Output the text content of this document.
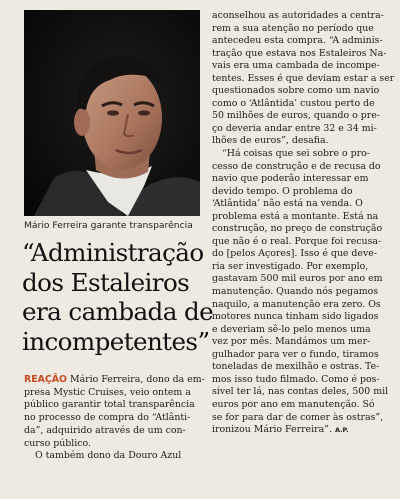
Mário Ferreira garante transparência
“Administração
dos Estaleiros
era cambada de
incompetentes”
REAÇÃO Mário Ferreira, dono da em-
presa Mystic Cruises, veio ontem a
público garantir total transparência
no processo de compra do “Atlânti-
da”, adquirido através de um con-
curso público.
O também dono da Douro Azul
aconselhou as autoridades a centra-
rem a sua atenção no período que
antecedeu esta compra. “A adminis-
tração que estava nos Estaleiros Na-
vais era uma cambada de incompe-
tentes. Esses é que deviam estar a ser
questionados sobre como um navio
como o ‘Atlântida’ custou perto de
50 milhões de euros, quando o pre-
ço deveria andar entre 32 e 34 mi-
lhões de euros”, desafia.
“Há coisas que sei sobre o pro-
cesso de construção e de recusa do
navio que poderão interessar em
devido tempo. O problema do
‘Atlântida’ não está na venda. O
problema está a montante. Está na
construção, no preço de construção
que não é o real. Porque foi recusa-
do [pelos Açores]. Isso é que deve-
ria ser investigado. Por exemplo,
gastavam 500 mil euros por ano em
manutenção. Quando nós pegamos
naquilo, a manutenção era zero. Os
motores nunca tinham sido ligados
e deveriam sê-lo pelo menos uma
vez por mês. Mandámos um mer-
gulhador para ver o fundo, tiramos
toneladas de mexilhão e ostras. Te-
mos isso tudo filmado. Como é pos-
sível ter lá, nas contas deles, 500 mil
euros por ano em manutenção. Só
se for para dar de comer às ostras”,
ironizou Mário Ferreira”. A.P.
